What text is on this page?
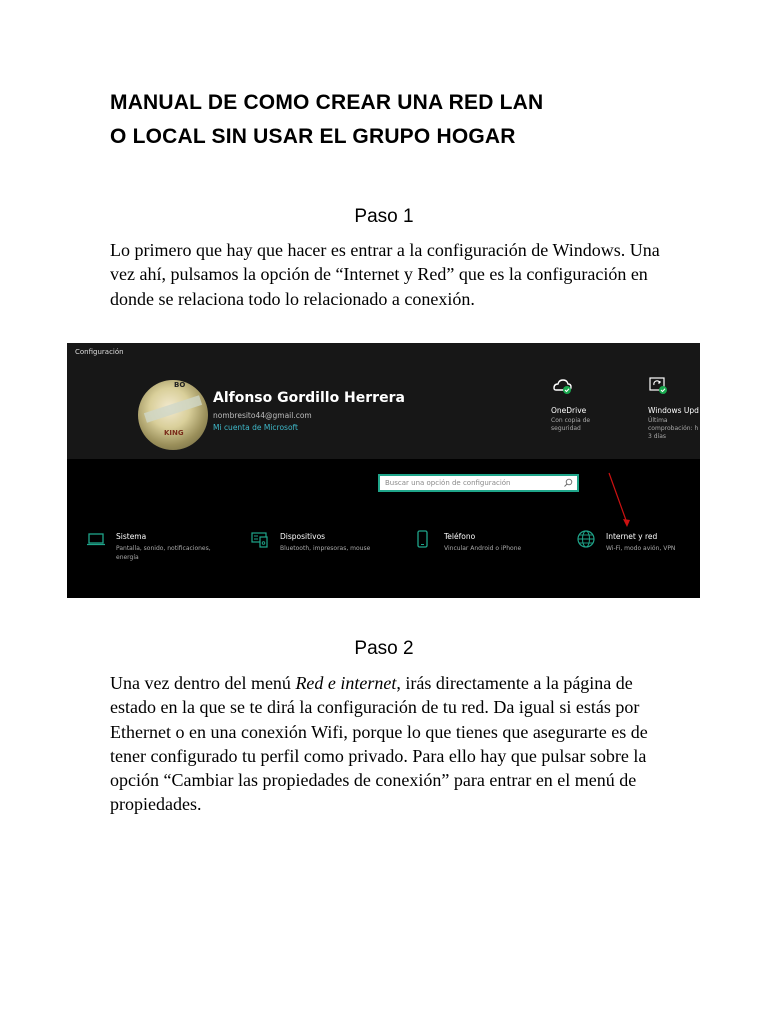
MANUAL DE COMO CREAR UNA RED LAN
O LOCAL SIN USAR EL GRUPO HOGAR
Paso 1

Lo primero que hay que hacer es entrar a la configuración de Windows. Una vez ahí, pulsamos la opción de “Internet y Red” que es la configuración en donde se relaciona todo lo relacionado a conexión.

Configuración
BO
KING
Alfonso Gordillo Herrera
nombresito44@gmail.com
Mi cuenta de Microsoft
OneDrive
Con copia de
seguridad
Windows Upd
Última
comprobación: h
3 días
Buscar una opción de configuración
Sistema
Pantalla, sonido, notificaciones,
energía
Dispositivos
Bluetooth, impresoras, mouse
Teléfono
Vincular Android o iPhone
Internet y red
Wi-Fi, modo avión, VPN
Paso 2

Una vez dentro del menú Red e internet, irás directamente a la página de estado en la que se te dirá la configuración de tu red. Da igual si estás por Ethernet o en una conexión Wifi, porque lo que tienes que asegurarte es de tener configurado tu perfil como privado. Para ello hay que pulsar sobre la opción “Cambiar las propiedades de conexión” para entrar en el menú de propiedades.
